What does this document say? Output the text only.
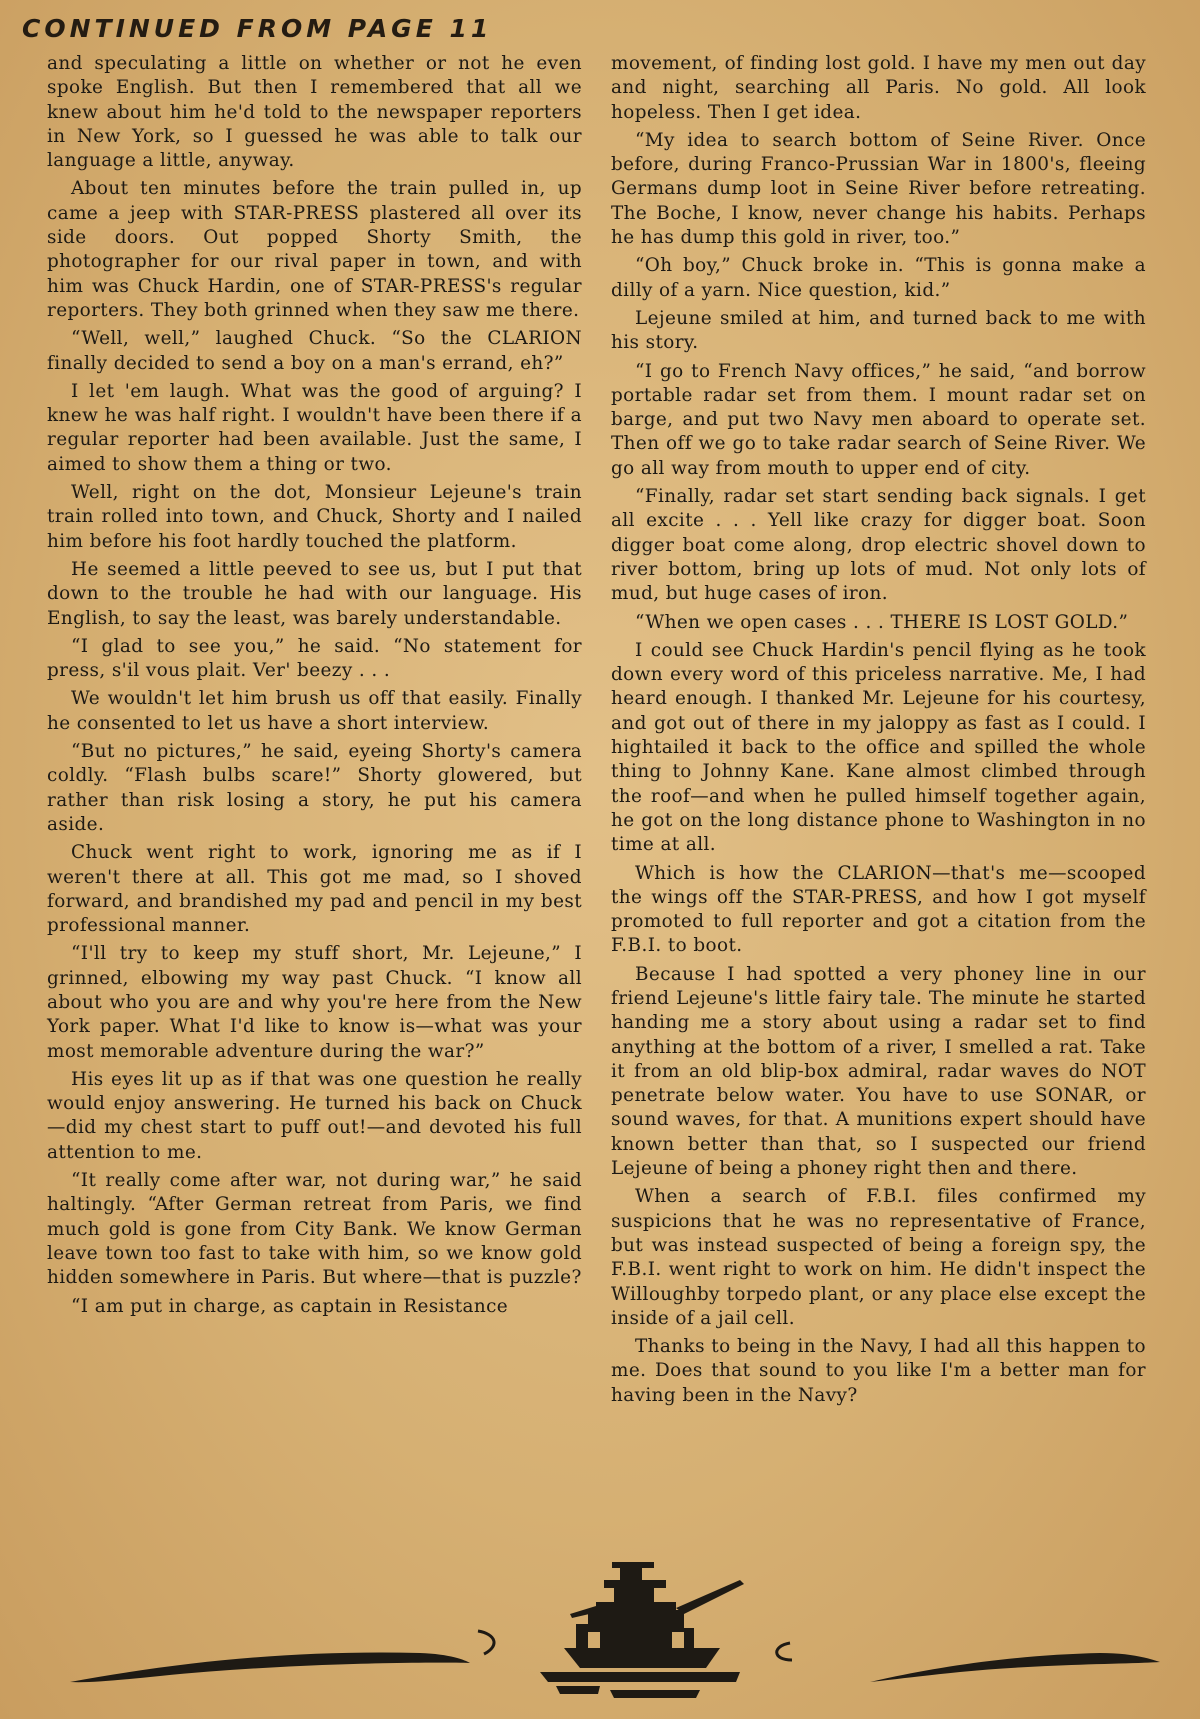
CONTINUED FROM PAGE 11

and speculating a little on whether or not he even spoke English. But then I remembered that all we knew about him he'd told to the newspaper reporters in New York, so I guessed he was able to talk our language a little, anyway.

About ten minutes before the train pulled in, up came a jeep with STAR-PRESS plastered all over its side doors. Out popped Shorty Smith, the photographer for our rival paper in town, and with him was Chuck Hardin, one of STAR-PRESS's regular reporters. They both grinned when they saw me there.

“Well, well,” laughed Chuck. “So the CLARION finally decided to send a boy on a man's errand, eh?”

I let 'em laugh. What was the good of arguing? I knew he was half right. I wouldn't have been there if a regular reporter had been available. Just the same, I aimed to show them a thing or two.

Well, right on the dot, Monsieur Lejeune's train train rolled into town, and Chuck, Shorty and I nailed him before his foot hardly touched the platform.

He seemed a little peeved to see us, but I put that down to the trouble he had with our language. His English, to say the least, was barely understandable.

“I glad to see you,” he said. “No statement for press, s'il vous plait. Ver' beezy . . .

We wouldn't let him brush us off that easily. Finally he consented to let us have a short interview.

“But no pictures,” he said, eyeing Shorty's camera coldly. “Flash bulbs scare!” Shorty glowered, but rather than risk losing a story, he put his camera aside.

Chuck went right to work, ignoring me as if I weren't there at all. This got me mad, so I shoved forward, and brandished my pad and pencil in my best professional manner.

“I'll try to keep my stuff short, Mr. Lejeune,” I grinned, elbowing my way past Chuck. “I know all about who you are and why you're here from the New York paper. What I'd like to know is—what was your most memorable adventure during the war?”

His eyes lit up as if that was one question he really would enjoy answering. He turned his back on Chuck—did my chest start to puff out!—and devoted his full attention to me.

“It really come after war, not during war,” he said haltingly. “After German retreat from Paris, we find much gold is gone from City Bank. We know German leave town too fast to take with him, so we know gold hidden somewhere in Paris. But where—that is puzzle?

“I am put in charge, as captain in Resistance

movement, of finding lost gold. I have my men out day and night, searching all Paris. No gold. All look hopeless. Then I get idea.

“My idea to search bottom of Seine River. Once before, during Franco-Prussian War in 1800's, fleeing Germans dump loot in Seine River before retreating. The Boche, I know, never change his habits. Perhaps he has dump this gold in river, too.”

“Oh boy,” Chuck broke in. “This is gonna make a dilly of a yarn. Nice question, kid.”

Lejeune smiled at him, and turned back to me with his story.

“I go to French Navy offices,” he said, “and borrow portable radar set from them. I mount radar set on barge, and put two Navy men aboard to operate set. Then off we go to take radar search of Seine River. We go all way from mouth to upper end of city.

“Finally, radar set start sending back signals. I get all excite . . . Yell like crazy for digger boat. Soon digger boat come along, drop electric shovel down to river bottom, bring up lots of mud. Not only lots of mud, but huge cases of iron.

“When we open cases . . . THERE IS LOST GOLD.”

I could see Chuck Hardin's pencil flying as he took down every word of this priceless narrative. Me, I had heard enough. I thanked Mr. Lejeune for his courtesy, and got out of there in my jaloppy as fast as I could. I hightailed it back to the office and spilled the whole thing to Johnny Kane. Kane almost climbed through the roof—and when he pulled himself together again, he got on the long distance phone to Washington in no time at all.

Which is how the CLARION—that's me—scooped the wings off the STAR-PRESS, and how I got myself promoted to full reporter and got a citation from the F.B.I. to boot.

Because I had spotted a very phoney line in our friend Lejeune's little fairy tale. The minute he started handing me a story about using a radar set to find anything at the bottom of a river, I smelled a rat. Take it from an old blip-box admiral, radar waves do NOT penetrate below water. You have to use SONAR, or sound waves, for that. A munitions expert should have known better than that, so I suspected our friend Lejeune of being a phoney right then and there.

When a search of F.B.I. files confirmed my suspicions that he was no representative of France, but was instead suspected of being a foreign spy, the F.B.I. went right to work on him. He didn't inspect the Willoughby torpedo plant, or any place else except the inside of a jail cell.

Thanks to being in the Navy, I had all this happen to me. Does that sound to you like I'm a better man for having been in the Navy?
